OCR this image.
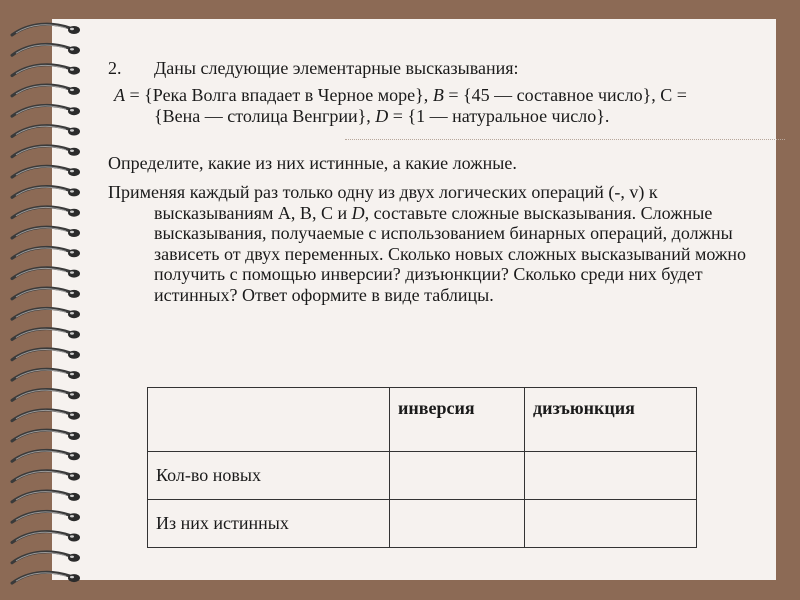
2. Даны следующие элементарные высказывания:
A = {Река Волга впадает в Черное море}, B = {45 — составное число}, С = {Вена — столица Венгрии}, D = {1 — натуральное число}.
Определите, какие из них истинные, а какие ложные.
Применяя каждый раз только одну из двух логических операций (-, v) к высказываниям А, В, С и D, составьте сложные высказывания. Сложные высказывания, получаемые с использованием бинарных операций, должны зависеть от двух переменных. Сколько новых сложных высказываний можно получить с помощью инверсии? дизъюнкции? Сколько среди них будет истинных? Ответ оформите в виде таблицы.
	инверсия	дизъюнкция
Кол-во новых		
Из них истинных		
